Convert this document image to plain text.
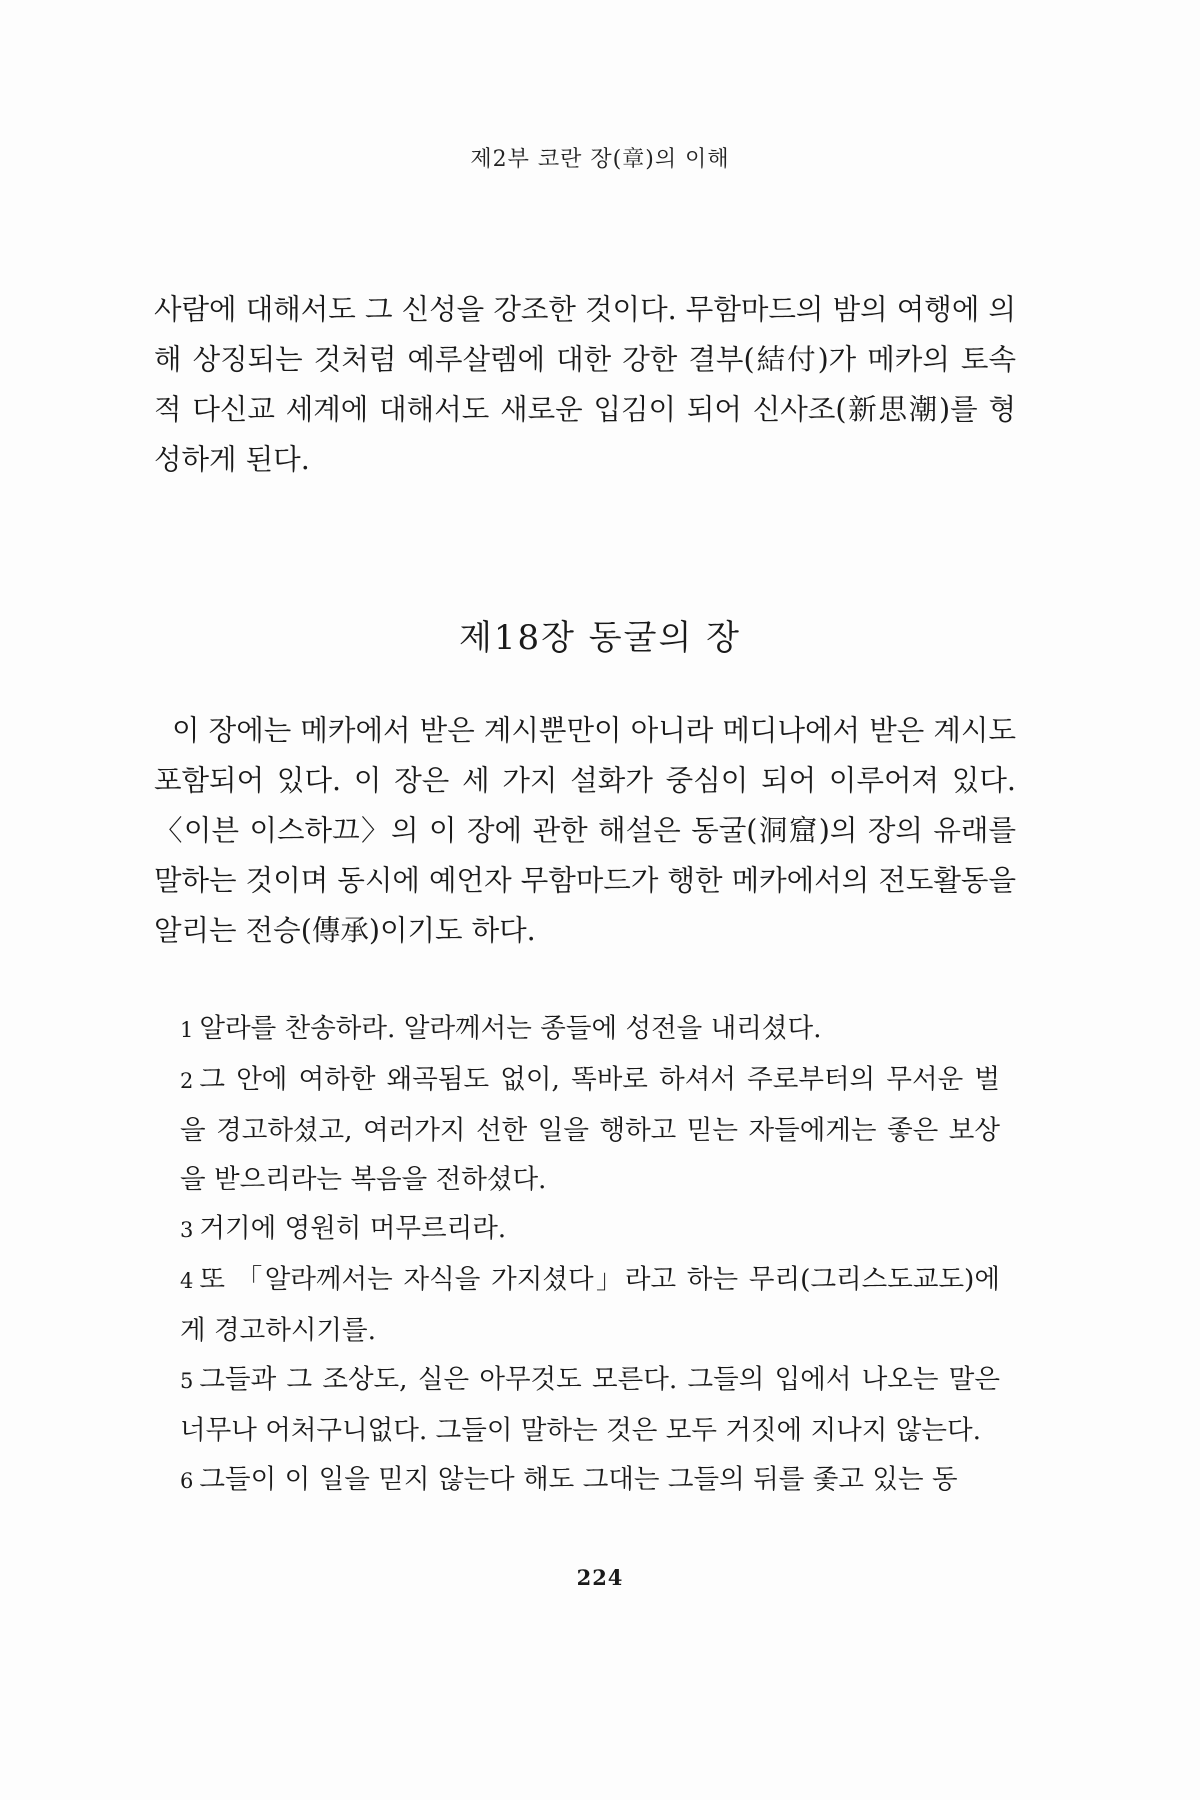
제2부 코란 장(章)의 이해

사람에 대해서도 그 신성을 강조한 것이다. 무함마드의 밤의 여행에 의해 상징되는 것처럼 예루살렘에 대한 강한 결부(結付)가 메카의 토속적 다신교 세계에 대해서도 새로운 입김이 되어 신사조(新思潮)를 형성하게 된다.

제18장 동굴의 장

이 장에는 메카에서 받은 계시뿐만이 아니라 메디나에서 받은 계시도 포함되어 있다. 이 장은 세 가지 설화가 중심이 되어 이루어져 있다. 〈이븐 이스하끄〉의 이 장에 관한 해설은 동굴(洞窟)의 장의 유래를 말하는 것이며 동시에 예언자 무함마드가 행한 메카에서의 전도활동을 알리는 전승(傳承)이기도 하다.

1 알라를 찬송하라. 알라께서는 종들에 성전을 내리셨다.

2 그 안에 여하한 왜곡됨도 없이, 똑바로 하셔서 주로부터의 무서운 벌을 경고하셨고, 여러가지 선한 일을 행하고 믿는 자들에게는 좋은 보상을 받으리라는 복음을 전하셨다.

3 거기에 영원히 머무르리라.

4 또 「알라께서는 자식을 가지셨다」라고 하는 무리(그리스도교도)에게 경고하시기를.

5 그들과 그 조상도, 실은 아무것도 모른다. 그들의 입에서 나오는 말은 너무나 어처구니없다. 그들이 말하는 것은 모두 거짓에 지나지 않는다.

6 그들이 이 일을 믿지 않는다 해도 그대는 그들의 뒤를 좇고 있는 동

224
